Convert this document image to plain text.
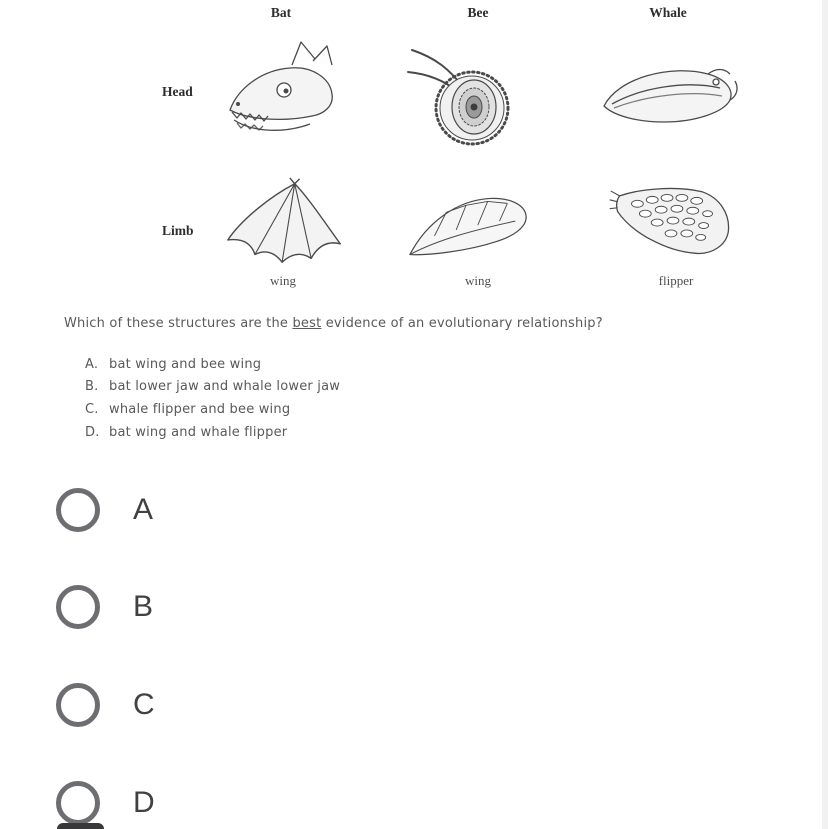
Bat	Bee	Whale
Head
Limb
wing	wing	flipper
Which of these structures are the best evidence of an evolutionary relationship?
A. bat wing and bee wing
B. bat lower jaw and whale lower jaw
C. whale flipper and bee wing
D. bat wing and whale flipper
A
B
C
D
